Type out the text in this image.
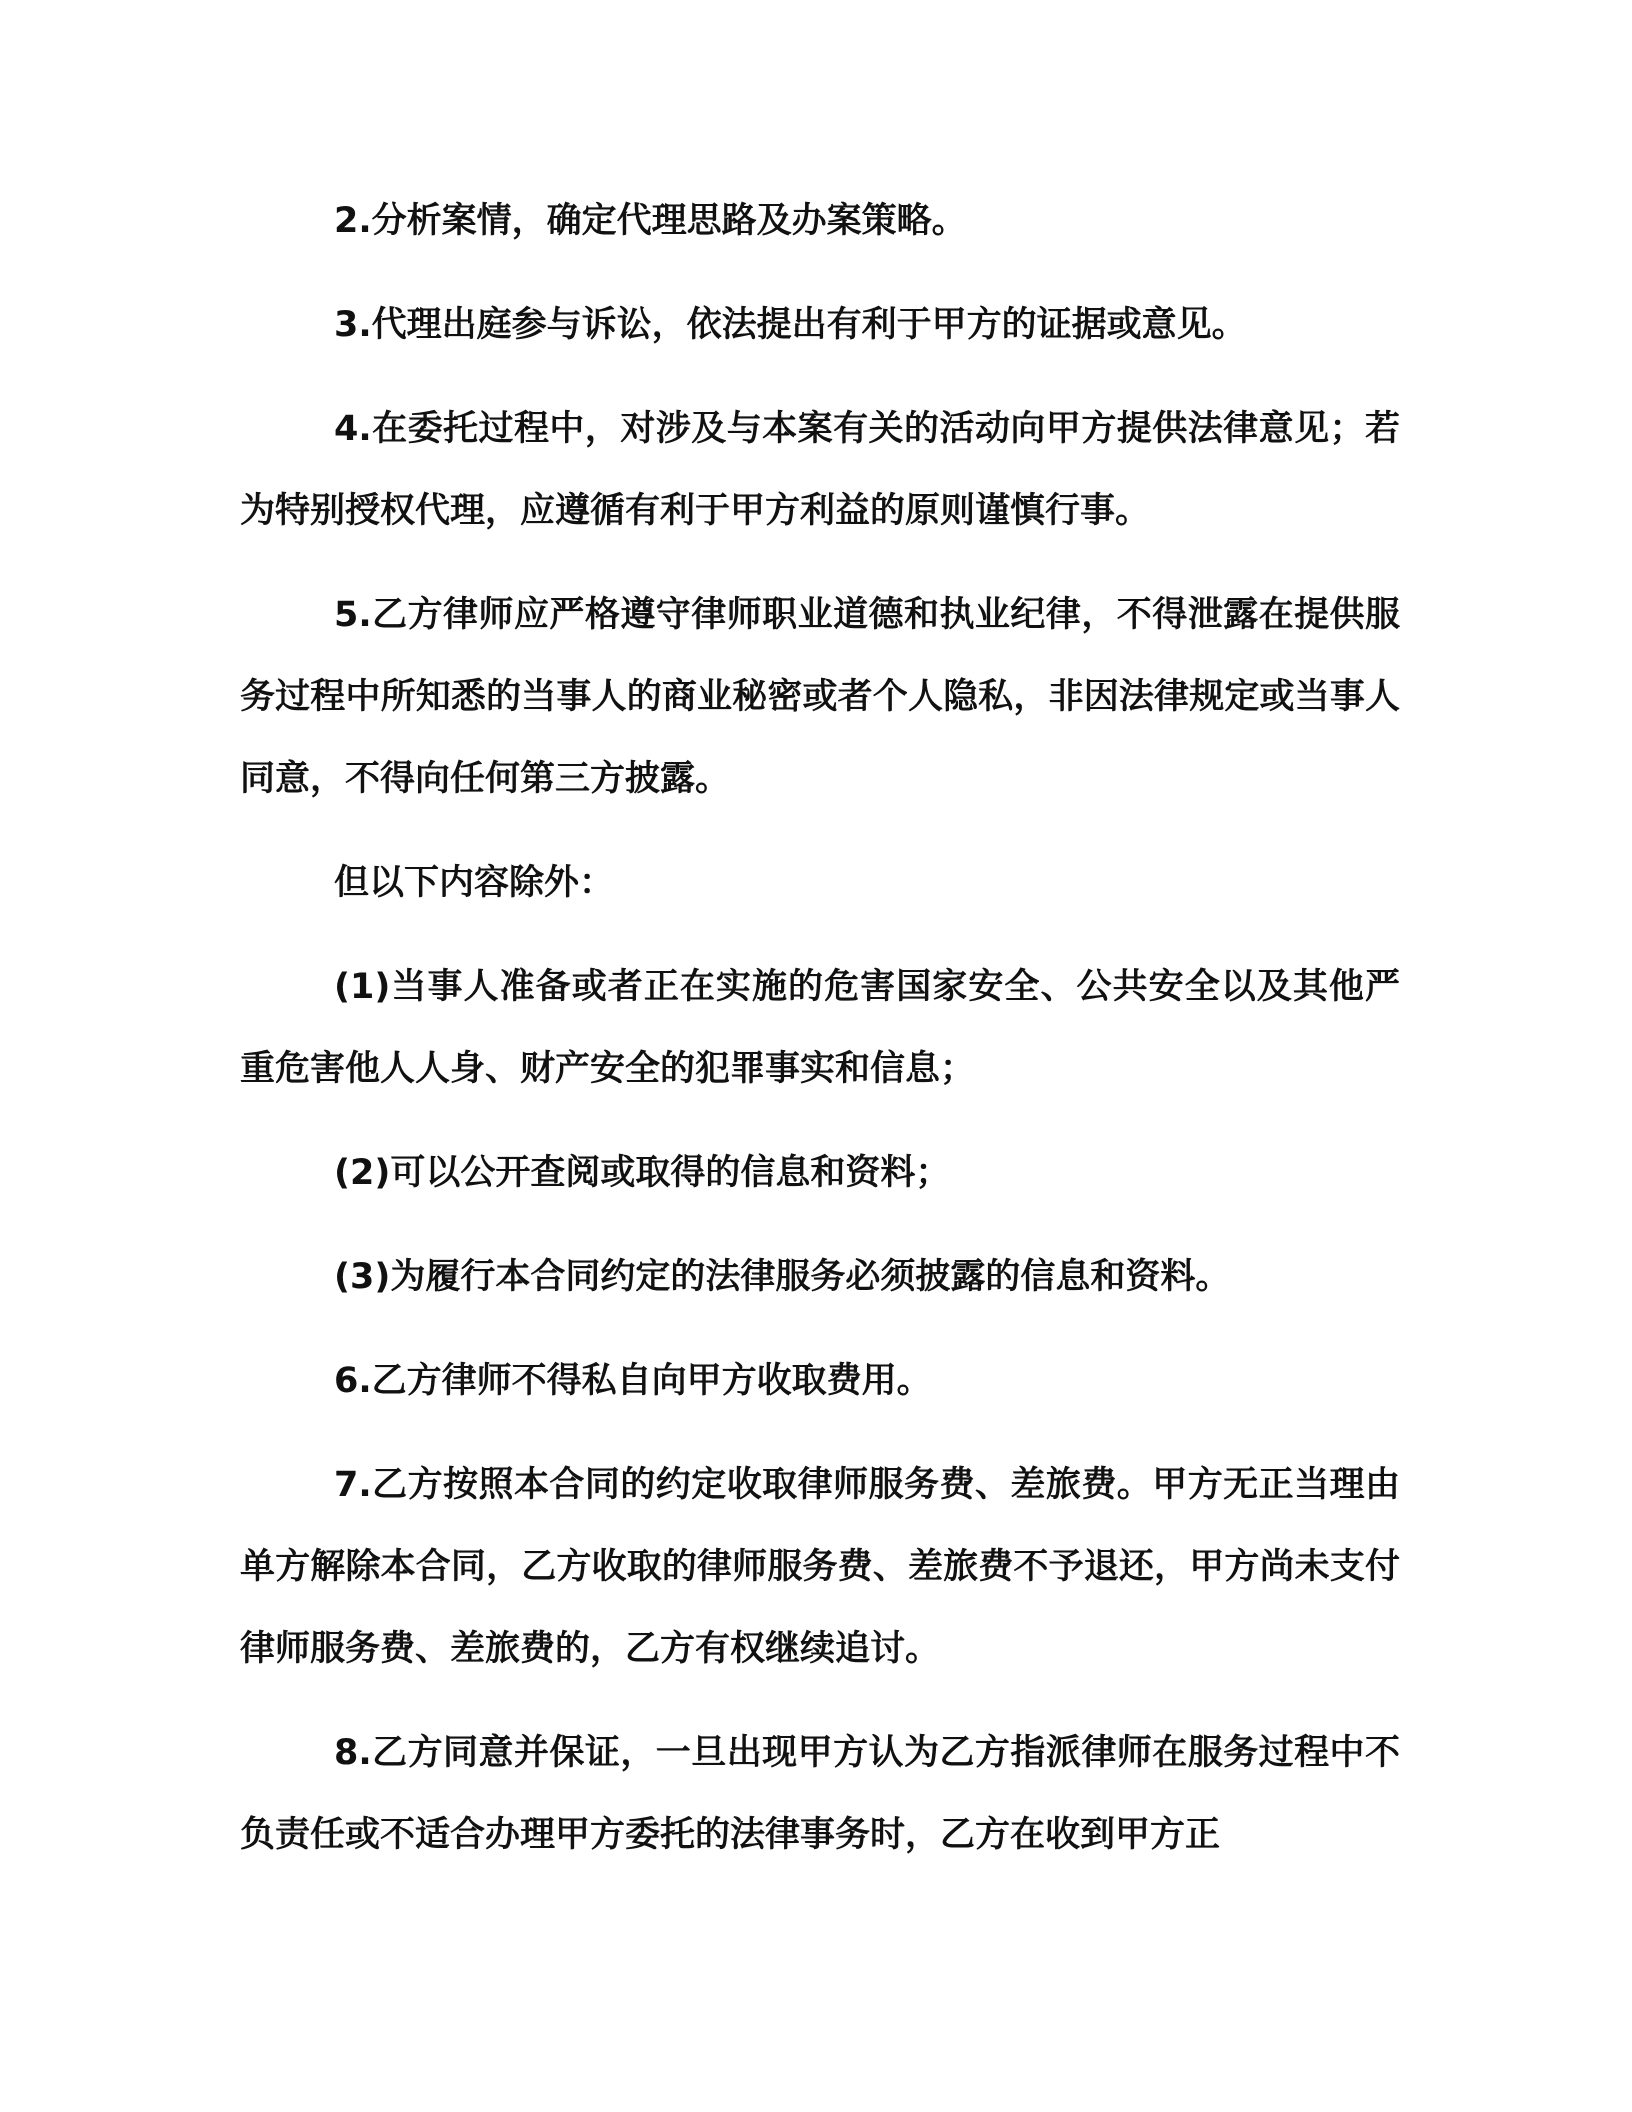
2.分析案情，确定代理思路及办案策略。

3.代理出庭参与诉讼，依法提出有利于甲方的证据或意见。

4.在委托过程中，对涉及与本案有关的活动向甲方提供法律意见；若为特别授权代理，应遵循有利于甲方利益的原则谨慎行事。

5.乙方律师应严格遵守律师职业道德和执业纪律，不得泄露在提供服务过程中所知悉的当事人的商业秘密或者个人隐私，非因法律规定或当事人同意，不得向任何第三方披露。

但以下内容除外：

(1)当事人准备或者正在实施的危害国家安全、公共安全以及其他严重危害他人人身、财产安全的犯罪事实和信息；

(2)可以公开查阅或取得的信息和资料；

(3)为履行本合同约定的法律服务必须披露的信息和资料。

6.乙方律师不得私自向甲方收取费用。

7.乙方按照本合同的约定收取律师服务费、差旅费。甲方无正当理由单方解除本合同，乙方收取的律师服务费、差旅费不予退还，甲方尚未支付律师服务费、差旅费的，乙方有权继续追讨。

8.乙方同意并保证，一旦出现甲方认为乙方指派律师在服务过程中不负责任或不适合办理甲方委托的法律事务时，乙方在收到甲方正
